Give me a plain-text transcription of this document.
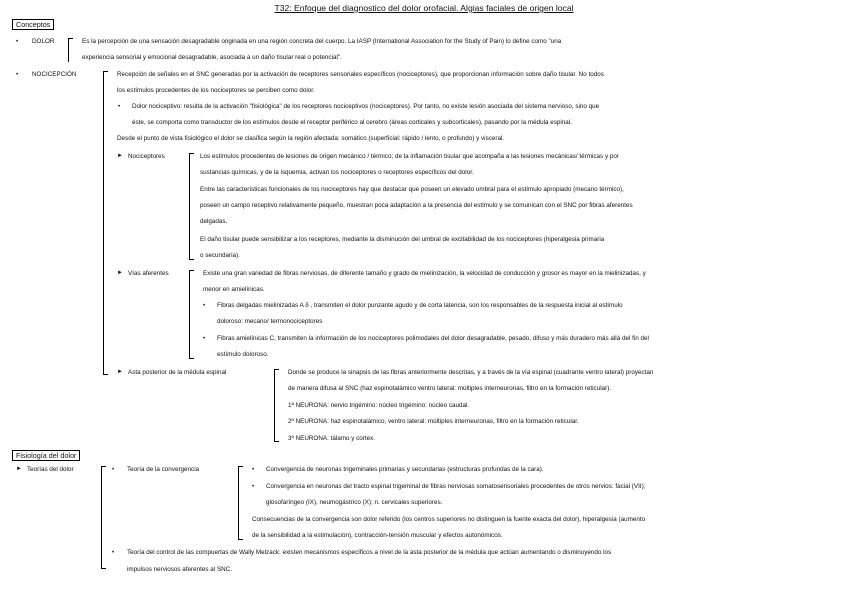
T32: Enfoque del diagnostico del dolor orofacial. Algias faciales de origen local
Conceptos
• DOLOR	Es la percepción de una sensación desagradable originada en una región concreta del cuerpo. La IASP (International Association for the Study of Pain) lo define como "una
experiencia sensorial y emocional desagradable, asociada a un daño tisular real o potencial".
• NOCICEPCIÓN	Recepción de señales en el SNC generadas por la activación de receptores sensoriales específicos (nociceptores), que proporcionan información sobre daño tisular. No todos
los estímulos procedentes de los nociceptores se perciben como dolor.
• Dolor nociceptivo: resulta de la activación "fisiológica" de los receptores nociceptivos (nociceptores). Por tanto, no existe lesión asociada del sistema nervioso, sino que
éste, se comporta como transductor de los estímulos desde el receptor periférico al cerebro (áreas corticales y subcorticales), pasando por la médula espinal.
Desde el punto de vista fisiológico el dolor se clasifica según la región afectada: somático (superficial: rápido / lento, o profundo) y visceral.
► Nociceptores	Los estímulos procedentes de lesiones de origen mecánico / térmico; de la inflamación tisular que acompaña a las lesiones mecánicas/ térmicas y por
sustancias químicas, y de la isquemia, activan los nociceptores o receptores específicos del dolor.
Entre las características funcionales de los nociceptores hay que destacar que poseen un elevado umbral para el estímulo apropiado (mecano térmico),
poseen un campo receptivo relativamente pequeño, muestran poca adaptación a la presencia del estímulo y se comunican con el SNC por fibras aferentes
delgadas.
El daño tisular puede sensibilizar a los receptores, mediante la disminución del umbral de excitabilidad de los nociceptores (hiperalgesia primaria
o secundaria).
► Vías aferentes	Existe una gran variedad de fibras nerviosas, de diferente tamaño y grado de mielinización, la velocidad de conducción y grosor es mayor en la mielinizadas, y
menor en amielínicas.
• Fibras delgadas mielinizadas A δ , transmiten el dolor punzante agudo y de corta latencia, son los responsables de la respuesta inicial al estímulo
doloroso: mecano/ termonociceptores
• Fibras amielínicas C, transmiten la información de los nociceptores polimodales del dolor desagradable, pesado, difuso y más duradero más allá del fin del
estímulo doloroso.
► Asta posterior de la médula espinal	Donde se produce la sinapsis de las fibras anteriormente descritas, y a través de la vía espinal (cuadrante ventro lateral) proyectan
de manera difusa al SNC (haz espinotalámico ventro lateral: múltiples interneuronas, filtro en la formación reticular).
1ª NEURONA: nervio trigémino: núcleo trigémino: núcleo caudal.
2ª NEURONA: haz espinotalámico, ventro lateral: múltiples interneuronas, filtro en la formación reticular.
3ª NEURONA: tálamo y cortex.
Fisiología del dolor
► Teorías del dolor	• Teoría de la convergencia	• Convergencia de neuronas trigeminales primarias y secundarias (estructuras profundas de la cara).
• Convergencia en neuronas del tracto espinal trigeminal de fibras nerviosas somatosensoriales procedentes de otros nervios: facial (VII);
glosofaríngeo (IX), neumogástrico (X); n. cervicales superiores.
Consecuencias de la convergencia son dolor referido (los centros superiores no distinguen la fuente exacta del dolor), hiperalgesia (aumento
de la sensibilidad a la estimulación), contracción-tensión muscular y efectos autonómicos.
• Teoría del control de las compuertas de Wally Melzack: existen mecanismos específicos a nivel de la asta posterior de la médula que actúan aumentando o disminuyendo los
impulsos nerviosos aferentes al SNC.
